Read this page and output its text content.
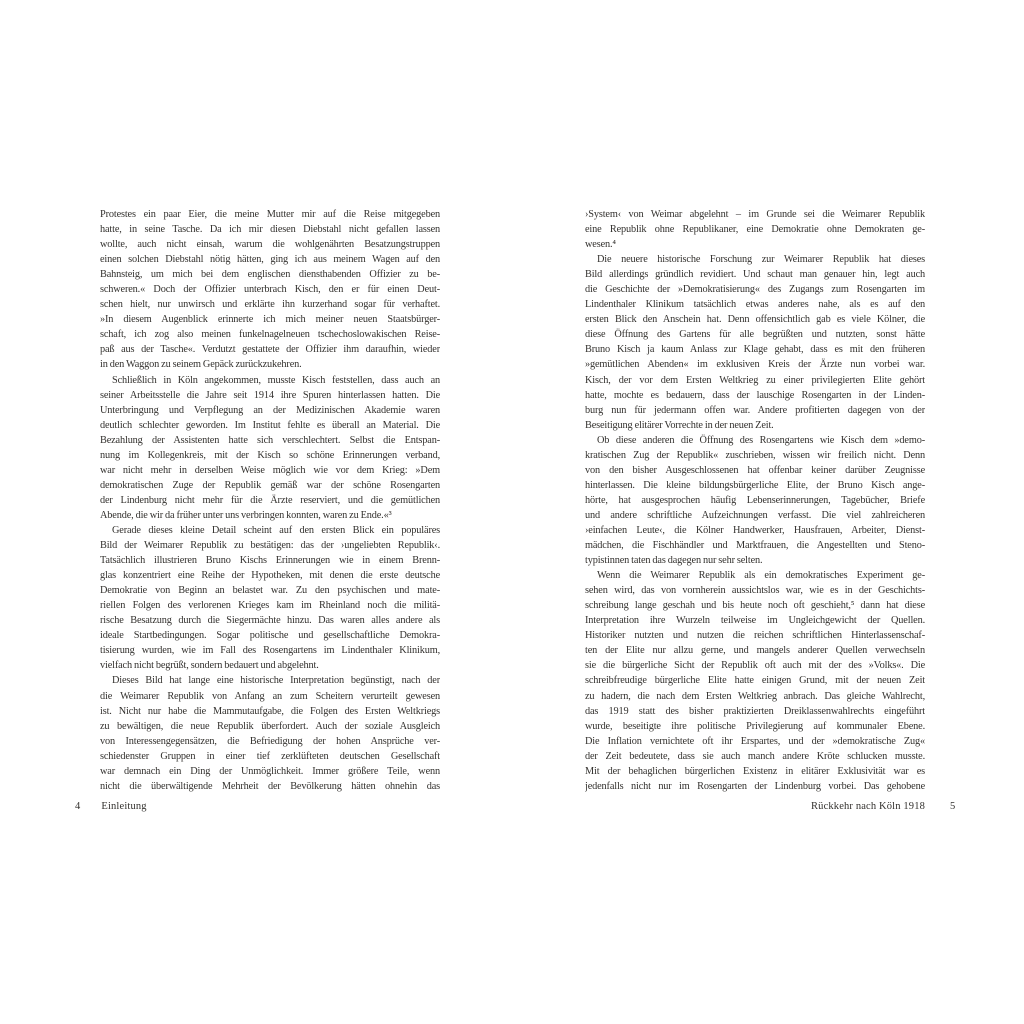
Protestes ein paar Eier, die meine Mutter mir auf die Reise mitgegeben
hatte, in seine Tasche. Da ich mir diesen Diebstahl nicht gefallen lassen
wollte, auch nicht einsah, warum die wohlgenährten Besatzungstruppen
einen solchen Diebstahl nötig hätten, ging ich aus meinem Wagen auf den
Bahnsteig, um mich bei dem englischen diensthabenden Offizier zu be-
schweren.« Doch der Offizier unterbrach Kisch, den er für einen Deut-
schen hielt, nur unwirsch und erklärte ihn kurzerhand sogar für verhaftet.
»In diesem Augenblick erinnerte ich mich meiner neuen Staatsbürger-
schaft, ich zog also meinen funkelnagelneuen tschechoslowakischen Reise-
paß aus der Tasche«. Verdutzt gestattete der Offizier ihm daraufhin, wieder
in den Waggon zu seinem Gepäck zurückzukehren.
Schließlich in Köln angekommen, musste Kisch feststellen, dass auch an
seiner Arbeitsstelle die Jahre seit 1914 ihre Spuren hinterlassen hatten. Die
Unterbringung und Verpflegung an der Medizinischen Akademie waren
deutlich schlechter geworden. Im Institut fehlte es überall an Material. Die
Bezahlung der Assistenten hatte sich verschlechtert. Selbst die Entspan-
nung im Kollegenkreis, mit der Kisch so schöne Erinnerungen verband,
war nicht mehr in derselben Weise möglich wie vor dem Krieg: »Dem
demokratischen Zuge der Republik gemäß war der schöne Rosengarten
der Lindenburg nicht mehr für die Ärzte reserviert, und die gemütlichen
Abende, die wir da früher unter uns verbringen konnten, waren zu Ende.«³
Gerade dieses kleine Detail scheint auf den ersten Blick ein populäres
Bild der Weimarer Republik zu bestätigen: das der ›ungeliebten Republik‹.
Tatsächlich illustrieren Bruno Kischs Erinnerungen wie in einem Brenn-
glas konzentriert eine Reihe der Hypotheken, mit denen die erste deutsche
Demokratie von Beginn an belastet war. Zu den psychischen und mate-
riellen Folgen des verlorenen Krieges kam im Rheinland noch die militä-
rische Besatzung durch die Siegermächte hinzu. Das waren alles andere als
ideale Startbedingungen. Sogar politische und gesellschaftliche Demokra-
tisierung wurden, wie im Fall des Rosengartens im Lindenthaler Klinikum,
vielfach nicht begrüßt, sondern bedauert und abgelehnt.
Dieses Bild hat lange eine historische Interpretation begünstigt, nach der
die Weimarer Republik von Anfang an zum Scheitern verurteilt gewesen
ist. Nicht nur habe die Mammutaufgabe, die Folgen des Ersten Weltkriegs
zu bewältigen, die neue Republik überfordert. Auch der soziale Ausgleich
von Interessengegensätzen, die Befriedigung der hohen Ansprüche ver-
schiedenster Gruppen in einer tief zerklüfteten deutschen Gesellschaft
war demnach ein Ding der Unmöglichkeit. Immer größere Teile, wenn
nicht die überwältigende Mehrheit der Bevölkerung hätten ohnehin das
›System‹ von Weimar abgelehnt – im Grunde sei die Weimarer Republik
eine Republik ohne Republikaner, eine Demokratie ohne Demokraten ge-
wesen.⁴
Die neuere historische Forschung zur Weimarer Republik hat dieses
Bild allerdings gründlich revidiert. Und schaut man genauer hin, legt auch
die Geschichte der »Demokratisierung« des Zugangs zum Rosengarten im
Lindenthaler Klinikum tatsächlich etwas anderes nahe, als es auf den
ersten Blick den Anschein hat. Denn offensichtlich gab es viele Kölner, die
diese Öffnung des Gartens für alle begrüßten und nutzten, sonst hätte
Bruno Kisch ja kaum Anlass zur Klage gehabt, dass es mit den früheren
»gemütlichen Abenden« im exklusiven Kreis der Ärzte nun vorbei war.
Kisch, der vor dem Ersten Weltkrieg zu einer privilegierten Elite gehört
hatte, mochte es bedauern, dass der lauschige Rosengarten in der Linden-
burg nun für jedermann offen war. Andere profitierten dagegen von der
Beseitigung elitärer Vorrechte in der neuen Zeit.
Ob diese anderen die Öffnung des Rosengartens wie Kisch dem »demo-
kratischen Zug der Republik« zuschrieben, wissen wir freilich nicht. Denn
von den bisher Ausgeschlossenen hat offenbar keiner darüber Zeugnisse
hinterlassen. Die kleine bildungsbürgerliche Elite, der Bruno Kisch ange-
hörte, hat ausgesprochen häufig Lebenserinnerungen, Tagebücher, Briefe
und andere schriftliche Aufzeichnungen verfasst. Die viel zahlreicheren
›einfachen Leute‹, die Kölner Handwerker, Hausfrauen, Arbeiter, Dienst-
mädchen, die Fischhändler und Marktfrauen, die Angestellten und Steno-
typistinnen taten das dagegen nur sehr selten.
Wenn die Weimarer Republik als ein demokratisches Experiment ge-
sehen wird, das von vornherein aussichtslos war, wie es in der Geschichts-
schreibung lange geschah und bis heute noch oft geschieht,⁵ dann hat diese
Interpretation ihre Wurzeln teilweise im Ungleichgewicht der Quellen.
Historiker nutzten und nutzen die reichen schriftlichen Hinterlassenschaf-
ten der Elite nur allzu gerne, und mangels anderer Quellen verwechseln
sie die bürgerliche Sicht der Republik oft auch mit der des »Volks«. Die
schreibfreudige bürgerliche Elite hatte einigen Grund, mit der neuen Zeit
zu hadern, die nach dem Ersten Weltkrieg anbrach. Das gleiche Wahlrecht,
das 1919 statt des bisher praktizierten Dreiklassenwahlrechts eingeführt
wurde, beseitigte ihre politische Privilegierung auf kommunaler Ebene.
Die Inflation vernichtete oft ihr Erspartes, und der »demokratische Zug«
der Zeit bedeutete, dass sie auch manch andere Kröte schlucken musste.
Mit der behaglichen bürgerlichen Existenz in elitärer Exklusivität war es
jedenfalls nicht nur im Rosengarten der Lindenburg vorbei. Das gehobene
4 Einleitung	Rückkehr nach Köln 1918 5
